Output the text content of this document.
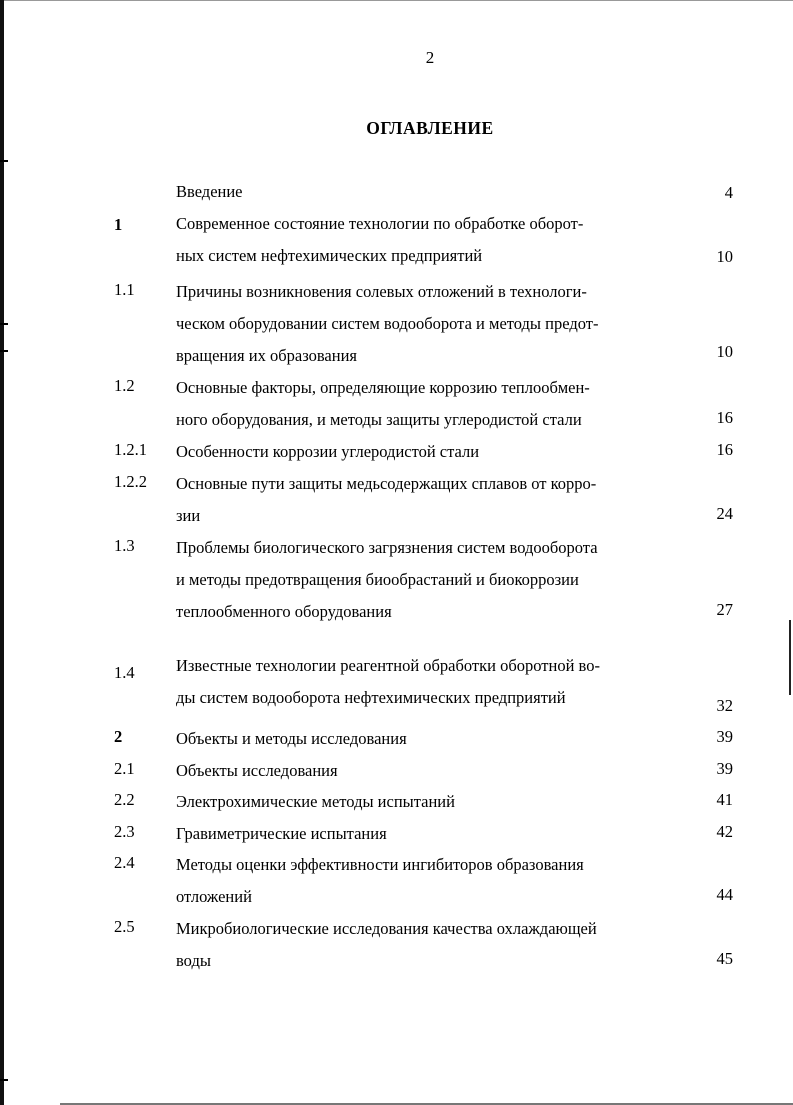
2
ОГЛАВЛЕНИЕ
Введение	4
1	Современное состояние технологии по обработке оборот-
ных систем нефтехимических предприятий	10
1.1	Причины возникновения солевых отложений в технологи-
ческом оборудовании систем водооборота и методы предот-
вращения их образования	10
1.2	Основные факторы, определяющие коррозию теплообмен-
ного оборудования, и методы защиты углеродистой стали	16
1.2.1 Особенности коррозии углеродистой стали	16
1.2.2 Основные пути защиты медьсодержащих сплавов от корро-
зии	24
1.3	Проблемы биологического загрязнения систем водооборота
и методы предотвращения биообрастаний и биокоррозии
теплообменного оборудования	27
1.4	Известные технологии реагентной обработки оборотной во-
ды систем водооборота нефтехимических предприятий	32
2	Объекты и методы исследования	39
2.1	Объекты исследования	39
2.2	Электрохимические методы испытаний	41
2.3	Гравиметрические испытания	42
2.4	Методы оценки эффективности ингибиторов образования
отложений	44
2.5	Микробиологические исследования качества охлаждающей
воды	45
